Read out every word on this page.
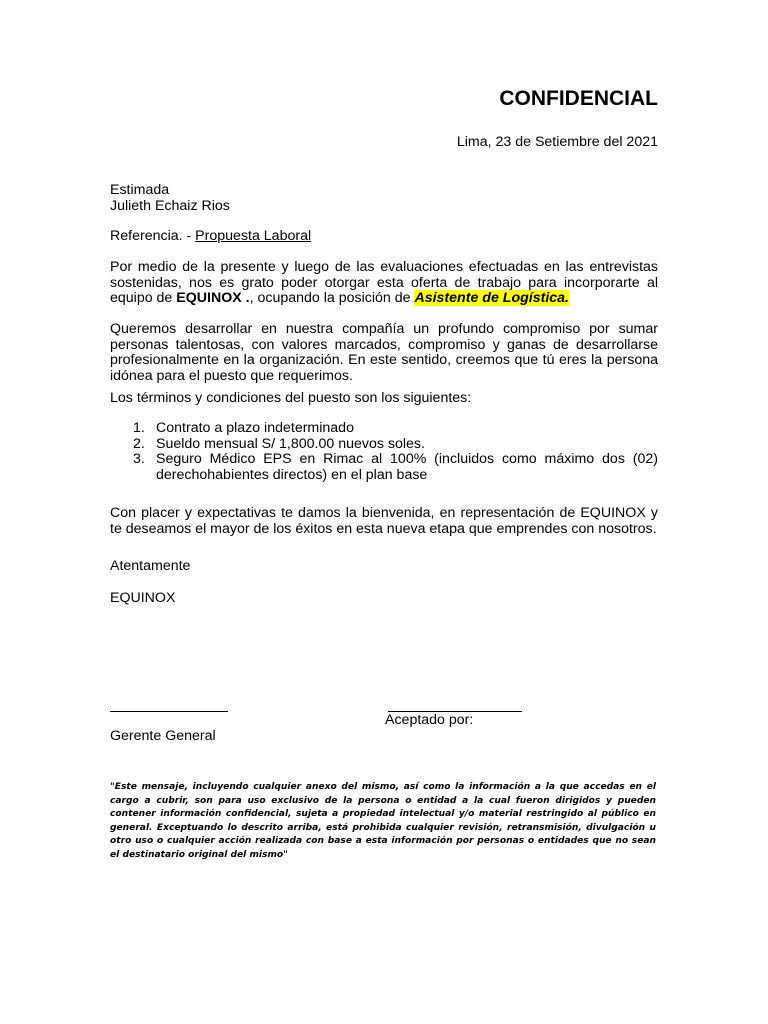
CONFIDENCIAL
Lima, 23 de Setiembre del 2021
Estimada
Julieth Echaiz Rios
Referencia. - Propuesta Laboral
Por medio de la presente y luego de las evaluaciones efectuadas en las entrevistas sostenidas, nos es grato poder otorgar esta oferta de trabajo para incorporarte al equipo de EQUINOX ., ocupando la posición de Asistente de Logística.
Queremos desarrollar en nuestra compañía un profundo compromiso por sumar personas talentosas, con valores marcados, compromiso y ganas de desarrollarse profesionalmente en la organización. En este sentido, creemos que tú eres la persona idónea para el puesto que requerimos.
Los términos y condiciones del puesto son los siguientes:
1. Contrato a plazo indeterminado
2. Sueldo mensual S/ 1,800.00 nuevos soles.
3. Seguro Médico EPS en Rimac al 100% (incluidos como máximo dos (02) derechohabientes directos) en el plan base
Con placer y expectativas te damos la bienvenida, en representación de EQUINOX y te deseamos el mayor de los éxitos en esta nueva etapa que emprendes con nosotros.
Atentamente
EQUINOX
Aceptado por:
Gerente General
"Este mensaje, incluyendo cualquier anexo del mismo, así como la información a la que accedas en el cargo a cubrir, son para uso exclusivo de la persona o entidad a la cual fueron dirigidos y pueden contener información confidencial, sujeta a propiedad intelectual y/o material restringido al público en general. Exceptuando lo descrito arriba, está prohibida cualquier revisión, retransmisión, divulgación u otro uso o cualquier acción realizada con base a esta información por personas o entidades que no sean el destinatario original del mismo"
